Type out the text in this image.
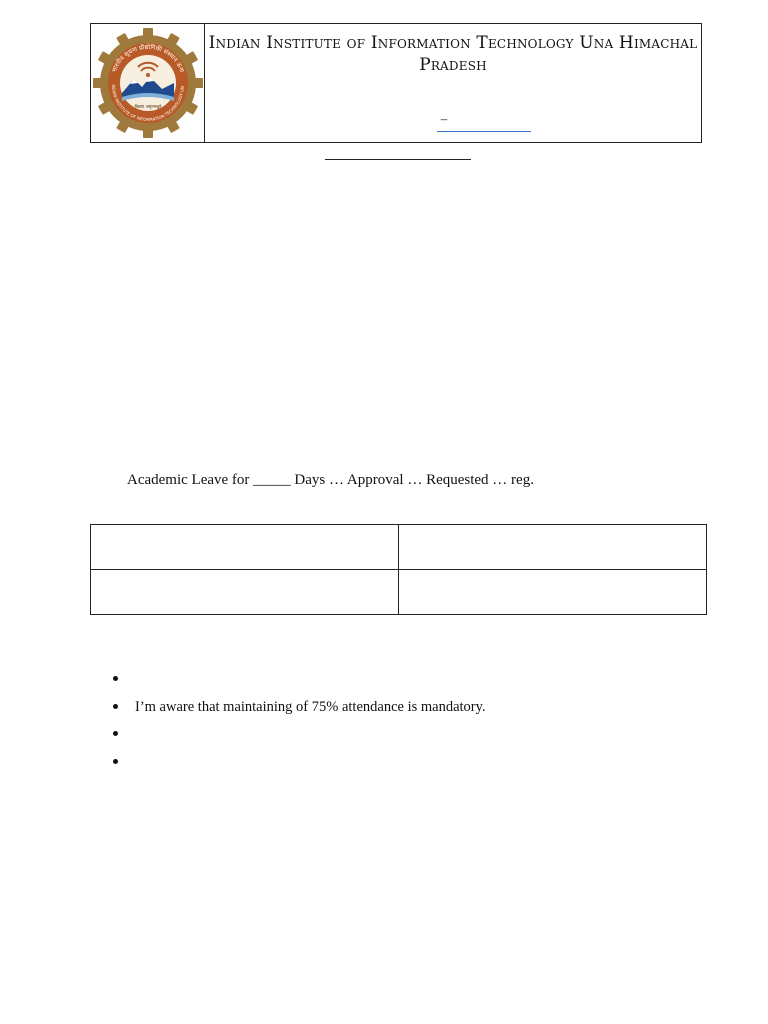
भारतीय सूचना प्रौद्योगिकी संस्थान ऊना
NDIAN INSTITUTE OF INFORMATION TECHNOLOGY UN
विद्यया अमृतमश्नुते
Indian Institute of Information Technology Una Himachal Pradesh
–
Academic Leave for _____ Days … Approval … Requested … reg.

I’m aware that maintaining of 75% attendance is mandatory.
